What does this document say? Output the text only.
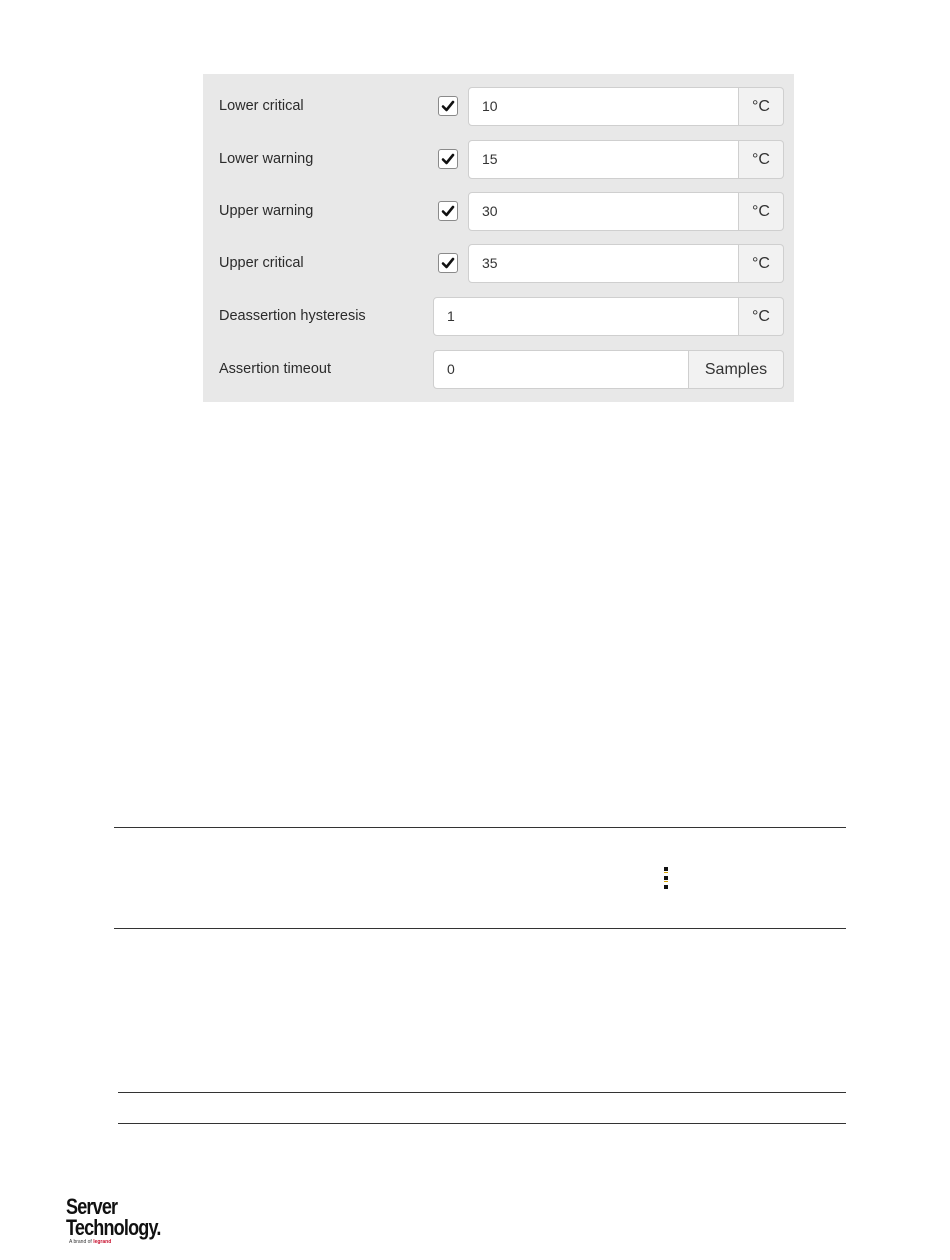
Lower critical	10	°C
Lower warning	15	°C
Upper warning	30	°C
Upper critical	35	°C
Deassertion hysteresis	1	°C
Assertion timeout	0	Samples
Server
Technology.
A brand of legrand
